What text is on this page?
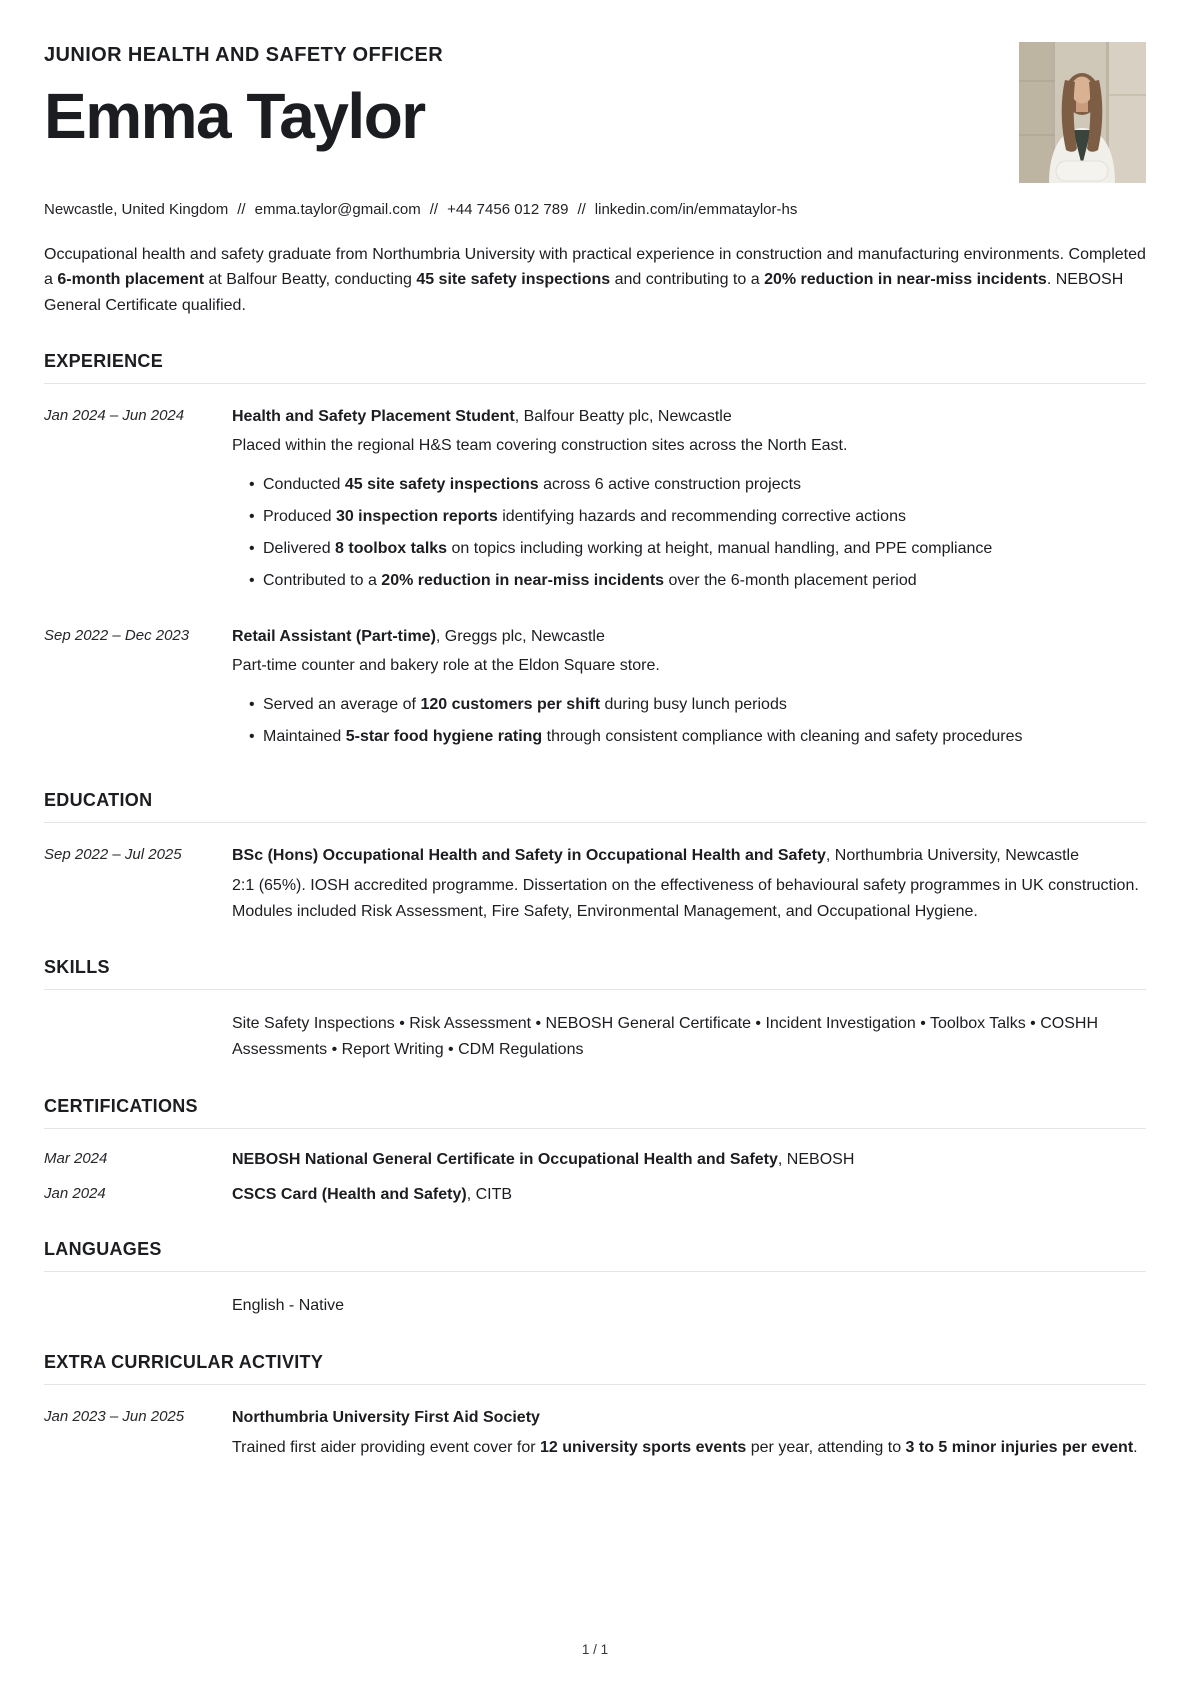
JUNIOR HEALTH AND SAFETY OFFICER
Emma Taylor
Newcastle, United Kingdom // emma.taylor@gmail.com // +44 7456 012 789 // linkedin.com/in/emmataylor-hs

Occupational health and safety graduate from Northumbria University with practical experience in construction and manufacturing environments. Completed a 6-month placement at Balfour Beatty, conducting 45 site safety inspections and contributing to a 20% reduction in near-miss incidents. NEBOSH General Certificate qualified.

EXPERIENCE
Jan 2024 – Jun 2024	Health and Safety Placement Student, Balfour Beatty plc, Newcastle
Placed within the regional H&S team covering construction sites across the North East.
• Conducted 45 site safety inspections across 6 active construction projects
• Produced 30 inspection reports identifying hazards and recommending corrective actions
• Delivered 8 toolbox talks on topics including working at height, manual handling, and PPE compliance
• Contributed to a 20% reduction in near-miss incidents over the 6-month placement period
Sep 2022 – Dec 2023	Retail Assistant (Part-time), Greggs plc, Newcastle
Part-time counter and bakery role at the Eldon Square store.
• Served an average of 120 customers per shift during busy lunch periods
• Maintained 5-star food hygiene rating through consistent compliance with cleaning and safety procedures
EDUCATION
Sep 2022 – Jul 2025	BSc (Hons) Occupational Health and Safety in Occupational Health and Safety, Northumbria University, Newcastle
2:1 (65%). IOSH accredited programme. Dissertation on the effectiveness of behavioural safety programmes in UK construction. Modules included Risk Assessment, Fire Safety, Environmental Management, and Occupational Hygiene.
SKILLS
Site Safety Inspections • Risk Assessment • NEBOSH General Certificate • Incident Investigation • Toolbox Talks • COSHH Assessments • Report Writing • CDM Regulations
CERTIFICATIONS
Mar 2024	NEBOSH National General Certificate in Occupational Health and Safety, NEBOSH
Jan 2024	CSCS Card (Health and Safety), CITB
LANGUAGES
English - Native
EXTRA CURRICULAR ACTIVITY
Jan 2023 – Jun 2025	Northumbria University First Aid Society
Trained first aider providing event cover for 12 university sports events per year, attending to 3 to 5 minor injuries per event.
1 / 1
